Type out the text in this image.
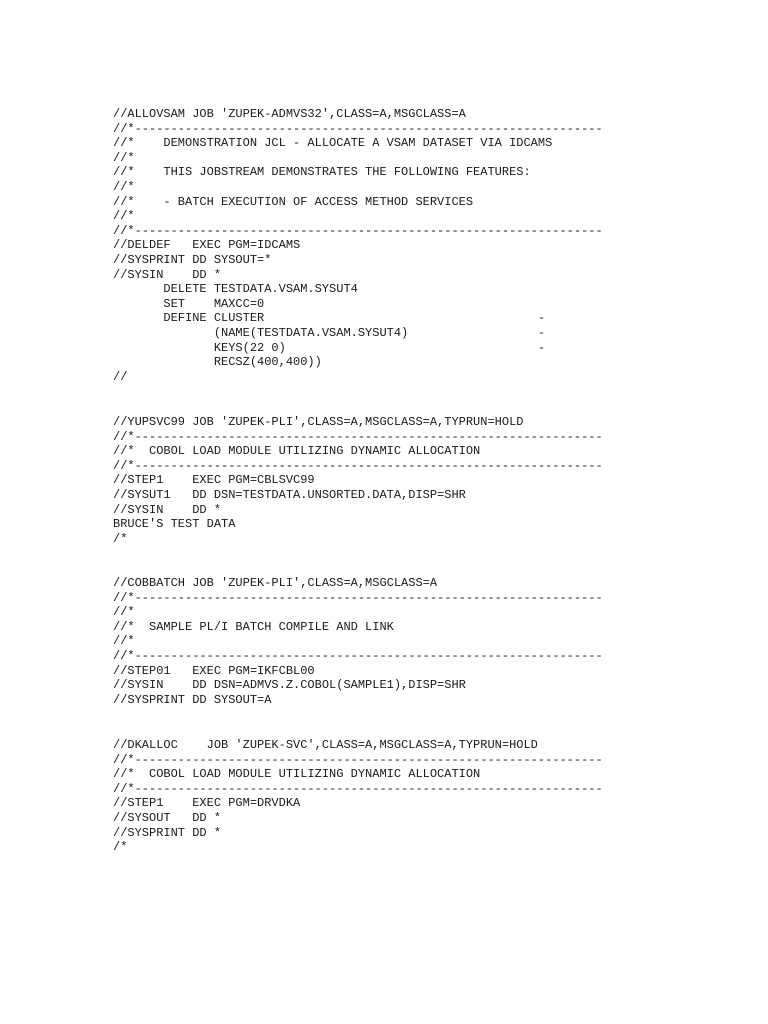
//ALLOVSAM JOB 'ZUPEK-ADMVS32',CLASS=A,MSGCLASS=A
//*-----------------------------------------------------------------
//*    DEMONSTRATION JCL - ALLOCATE A VSAM DATASET VIA IDCAMS
//*
//*    THIS JOBSTREAM DEMONSTRATES THE FOLLOWING FEATURES:
//*
//*    - BATCH EXECUTION OF ACCESS METHOD SERVICES
//*
//*-----------------------------------------------------------------
//DELDEF   EXEC PGM=IDCAMS
//SYSPRINT DD SYSOUT=*
//SYSIN    DD *
DELETE TESTDATA.VSAM.SYSUT4
SET    MAXCC=0
DEFINE CLUSTER                                      -
(NAME(TESTDATA.VSAM.SYSUT4)                  -
KEYS(22 0)                                   -
RECSZ(400,400))
//
//YUPSVC99 JOB 'ZUPEK-PLI',CLASS=A,MSGCLASS=A,TYPRUN=HOLD
//*-----------------------------------------------------------------
//*  COBOL LOAD MODULE UTILIZING DYNAMIC ALLOCATION
//*-----------------------------------------------------------------
//STEP1    EXEC PGM=CBLSVC99
//SYSUT1   DD DSN=TESTDATA.UNSORTED.DATA,DISP=SHR
//SYSIN    DD *
BRUCE'S TEST DATA
/*
//COBBATCH JOB 'ZUPEK-PLI',CLASS=A,MSGCLASS=A
//*-----------------------------------------------------------------
//*
//*  SAMPLE PL/I BATCH COMPILE AND LINK
//*
//*-----------------------------------------------------------------
//STEP01   EXEC PGM=IKFCBL00
//SYSIN    DD DSN=ADMVS.Z.COBOL(SAMPLE1),DISP=SHR
//SYSPRINT DD SYSOUT=A
//DKALLOC    JOB 'ZUPEK-SVC',CLASS=A,MSGCLASS=A,TYPRUN=HOLD
//*-----------------------------------------------------------------
//*  COBOL LOAD MODULE UTILIZING DYNAMIC ALLOCATION
//*-----------------------------------------------------------------
//STEP1    EXEC PGM=DRVDKA
//SYSOUT   DD *
//SYSPRINT DD *
/*
